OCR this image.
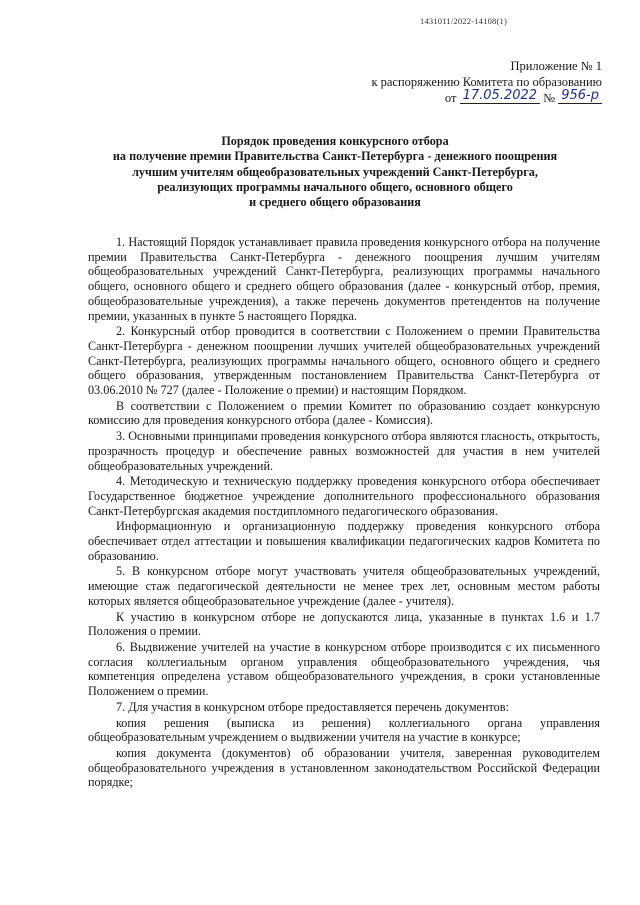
1431011/2022-14108(1)
Приложение № 1
к распоряжению Комитета по образованию
от 17.05.2022 № 956-р
Порядок проведения конкурсного отбора
на получение премии Правительства Санкт-Петербурга - денежного поощрения
лучшим учителям общеобразовательных учреждений Санкт-Петербурга,
реализующих программы начального общего, основного общего
и среднего общего образования

1. Настоящий Порядок устанавливает правила проведения конкурсного отбора на получение премии Правительства Санкт-Петербурга - денежного поощрения лучшим учителям общеобразовательных учреждений Санкт-Петербурга, реализующих программы начального общего, основного общего и среднего общего образования (далее - конкурсный отбор, премия, общеобразовательные учреждения), а также перечень документов претендентов на получение премии, указанных в пункте 5 настоящего Порядка.

2. Конкурсный отбор проводится в соответствии с Положением о премии Правительства Санкт-Петербурга - денежном поощрении лучших учителей общеобразовательных учреждений Санкт-Петербурга, реализующих программы начального общего, основного общего и среднего общего образования, утвержденным постановлением Правительства Санкт-Петербурга от 03.06.2010 № 727 (далее - Положение о премии) и настоящим Порядком.

В соответствии с Положением о премии Комитет по образованию создает конкурсную комиссию для проведения конкурсного отбора (далее - Комиссия).

3. Основными принципами проведения конкурсного отбора являются гласность, открытость, прозрачность процедур и обеспечение равных возможностей для участия в нем учителей общеобразовательных учреждений.

4. Методическую и техническую поддержку проведения конкурсного отбора обеспечивает Государственное бюджетное учреждение дополнительного профессионального образования Санкт-Петербургская академия постдипломного педагогического образования.

Информационную и организационную поддержку проведения конкурсного отбора обеспечивает отдел аттестации и повышения квалификации педагогических кадров Комитета по образованию.

5. В конкурсном отборе могут участвовать учителя общеобразовательных учреждений, имеющие стаж педагогической деятельности не менее трех лет, основным местом работы которых является общеобразовательное учреждение (далее - учителя).

К участию в конкурсном отборе не допускаются лица, указанные в пунктах 1.6 и 1.7 Положения о премии.

6. Выдвижение учителей на участие в конкурсном отборе производится с их письменного согласия коллегиальным органом управления общеобразовательного учреждения, чья компетенция определена уставом общеобразовательного учреждения, в сроки установленные Положением о премии.

7. Для участия в конкурсном отборе предоставляется перечень документов:

копия решения (выписка из решения) коллегиального органа управления общеобразовательным учреждением о выдвижении учителя на участие в конкурсе;

копия документа (документов) об образовании учителя, заверенная руководителем общеобразовательного учреждения в установленном законодательством Российской Федерации порядке;
